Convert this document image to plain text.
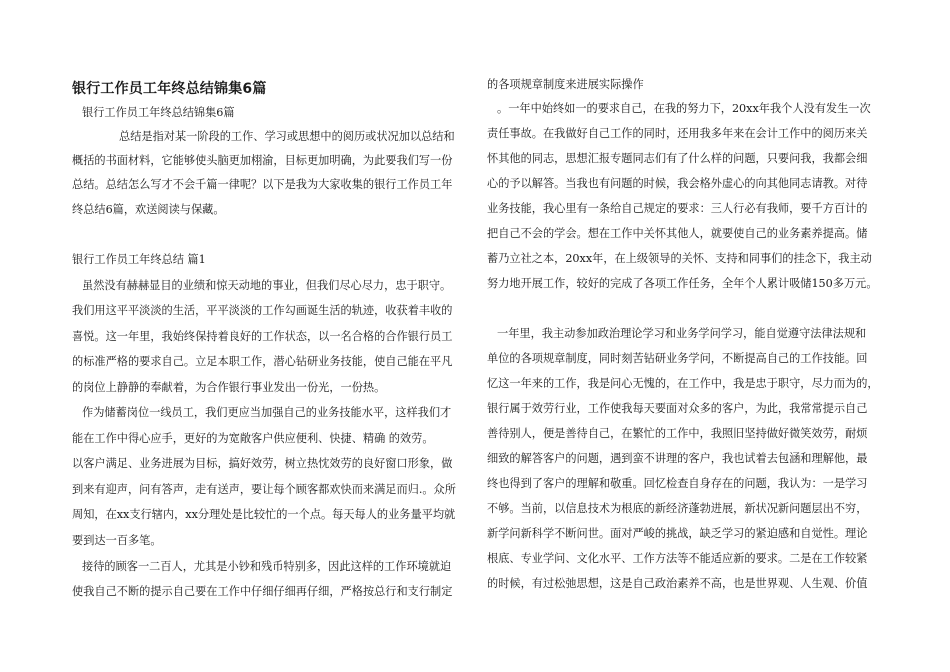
银行工作员工年终总结锦集6篇
银行工作员工年终总结锦集6篇
总结是指对某一阶段的工作、学习或思想中的阅历或状况加以总结和
概括的书面材料，它能够使头脑更加栩渝，目标更加明确，为此要我们写一份
总结。总结怎么写才不会千篇一律呢？以下是我为大家收集的银行工作员工年
终总结6篇，欢送阅读与保藏。
银行工作员工年终总结 篇1
虽然没有赫赫显目的业绩和惊天动地的事业，但我们尽心尽力，忠于职守。
我们用这平平淡淡的生活，平平淡淡的工作勾画诞生活的轨迹，收获着丰收的
喜悦。这一年里，我始终保持着良好的工作状态，以一名合格的合作银行员工
的标准严格的要求自己。立足本职工作，潜心钻研业务技能，使自己能在平凡
的岗位上静静的奉献着，为合作银行事业发出一份光，一份热。
作为储蓄岗位一线员工，我们更应当加强自己的业务技能水平，这样我们才
能在工作中得心应手，更好的为宽敞客户供应便利、快捷、精确 的效劳。
以客户满足、业务进展为目标，搞好效劳，树立热忱效劳的良好窗口形象，做
到来有迎声，问有答声，走有送声，要让每个顾客都欢快而来满足而归.。众所
周知，在xx支行辖内，xx分理处是比较忙的一个点。每天每人的业务量平均就
要到达一百多笔。
接待的顾客一二百人，尤其是小钞和残币特别多，因此这样的工作环境就迫
使我自己不断的提示自己要在工作中仔细仔细再仔细，严格按总行和支行制定
的各项规章制度来进展实际操作
。一年中始终如一的要求自己，在我的努力下，20xx年我个人没有发生一次
责任事故。在我做好自己工作的同时，还用我多年来在会计工作中的阅历来关
怀其他的同志，思想汇报专题同志们有了什么样的问题，只要问我，我都会细
心的予以解答。当我也有问题的时候，我会格外虚心的向其他同志请教。对待
业务技能，我心里有一条给自己规定的要求：三人行必有我师，要千方百计的
把自己不会的学会。想在工作中关怀其他人，就要使自己的业务素养提高。储
蓄乃立社之本，20xx年，在上级领导的关怀、支持和同事们的挂念下，我主动
努力地开展工作，较好的完成了各项工作任务，全年个人累计吸储150多万元。
一年里，我主动参加政治理论学习和业务学问学习，能自觉遵守法律法规和
单位的各项规章制度，同时刻苦钻研业务学问，不断提高自己的工作技能。回
忆这一年来的工作，我是问心无愧的，在工作中，我是忠于职守，尽力而为的，
银行属于效劳行业，工作使我每天要面对众多的客户，为此，我常常提示自己
善待别人，便是善待自己，在繁忙的工作中，我照旧坚持做好微笑效劳，耐烦
细致的解答客户的问题，遇到蛮不讲理的客户，我也试着去包涵和理解他，最
终也得到了客户的理解和敬重。回忆检查自身存在的问题，我认为：一是学习
不够。当前，以信息技术为根底的新经济蓬勃进展，新状况新问题层出不穷，
新学问新科学不断问世。面对严峻的挑战，缺乏学习的紧迫感和自觉性。理论
根底、专业学问、文化水平、工作方法等不能适应新的要求。二是在工作较紧
的时候，有过松弛思想，这是自己政治素养不高，也是世界观、人生观、价值
